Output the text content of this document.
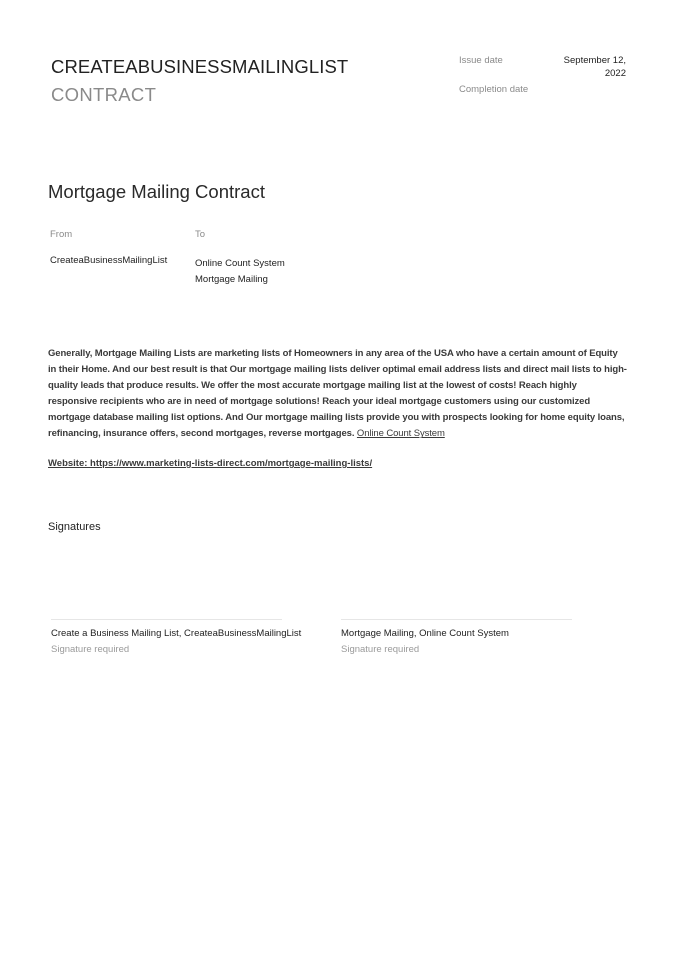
CREATEABUSINESSMAILINGLIST
CONTRACT
Issue date	September 12,
2022
Completion date
Mortgage Mailing Contract
From	To
CreateaBusinessMailingList	Online Count System
Mortgage Mailing
Generally, Mortgage Mailing Lists are marketing lists of Homeowners in any area of the USA who have a certain amount of Equity in their Home. And our best result is that Our mortgage mailing lists deliver optimal email address lists and direct mail lists to high-quality leads that produce results. We offer the most accurate mortgage mailing list at the lowest of costs! Reach highly responsive recipients who are in need of mortgage solutions! Reach your ideal mortgage customers using our customized mortgage database mailing list options. And Our mortgage mailing lists provide you with prospects looking for home equity loans, refinancing, insurance offers, second mortgages, reverse mortgages. Online Count System
Website: https://www.marketing-lists-direct.com/mortgage-mailing-lists/
Signatures
Create a Business Mailing List, CreateaBusinessMailingList
Signature required
Mortgage Mailing, Online Count System
Signature required
